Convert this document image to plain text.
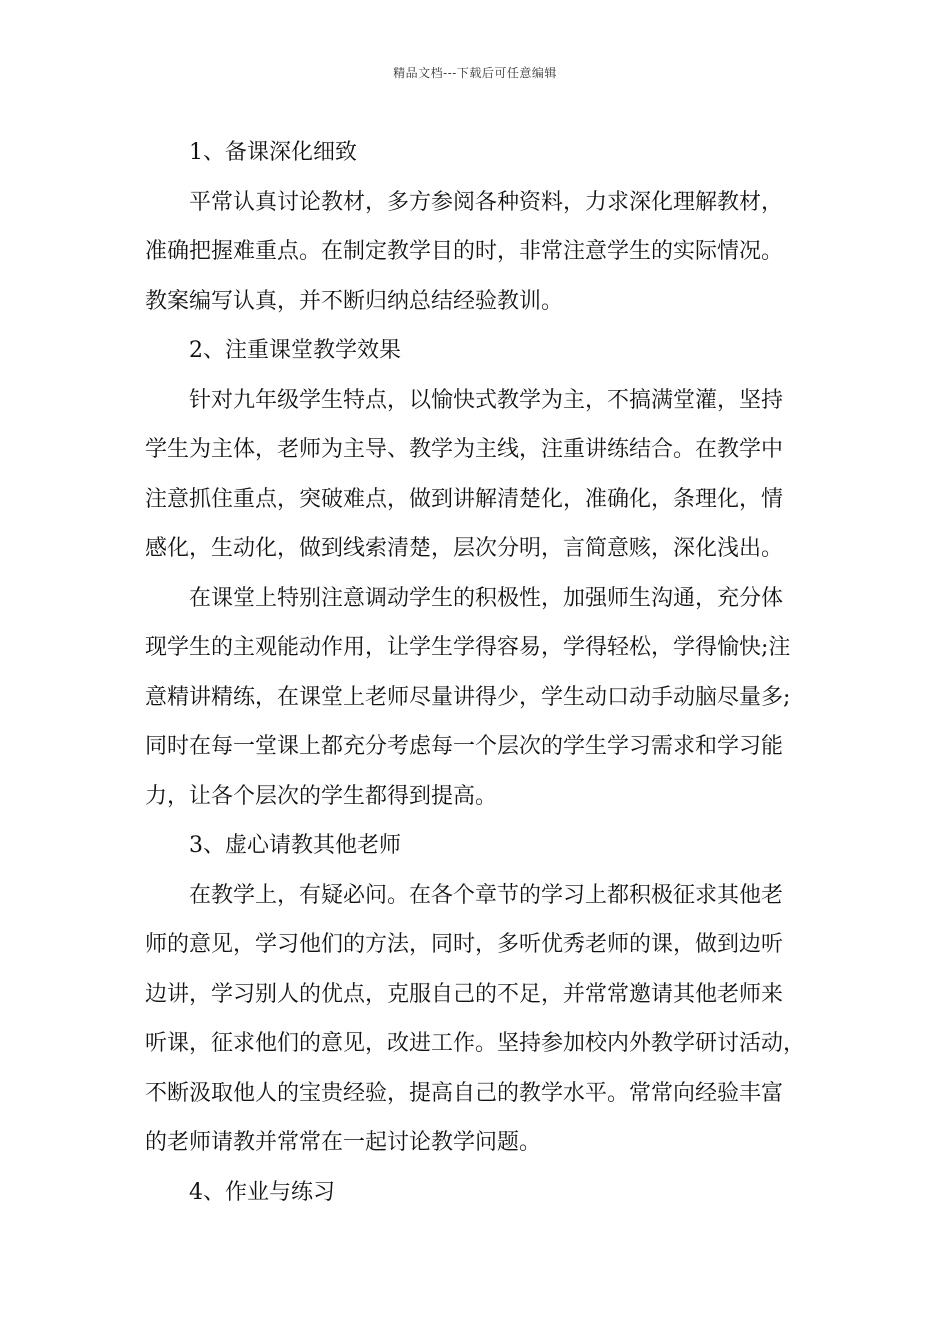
精品文档---下载后可任意编辑
1、备课深化细致
平常认真讨论教材，多方参阅各种资料，力求深化理解教材，
准确把握难重点。在制定教学目的时，非常注意学生的实际情况。
教案编写认真，并不断归纳总结经验教训。
2、注重课堂教学效果
针对九年级学生特点，以愉快式教学为主，不搞满堂灌，坚持
学生为主体，老师为主导、教学为主线，注重讲练结合。在教学中
注意抓住重点，突破难点，做到讲解清楚化，准确化，条理化，情
感化，生动化，做到线索清楚，层次分明，言简意赅，深化浅出。
在课堂上特别注意调动学生的积极性，加强师生沟通，充分体
现学生的主观能动作用，让学生学得容易，学得轻松，学得愉快;注
意精讲精练，在课堂上老师尽量讲得少，学生动口动手动脑尽量多;
同时在每一堂课上都充分考虑每一个层次的学生学习需求和学习能
力，让各个层次的学生都得到提高。
3、虚心请教其他老师
在教学上，有疑必问。在各个章节的学习上都积极征求其他老
师的意见，学习他们的方法，同时，多听优秀老师的课，做到边听
边讲，学习别人的优点，克服自己的不足，并常常邀请其他老师来
听课，征求他们的意见，改进工作。坚持参加校内外教学研讨活动，
不断汲取他人的宝贵经验，提高自己的教学水平。常常向经验丰富
的老师请教并常常在一起讨论教学问题。
4、作业与练习
